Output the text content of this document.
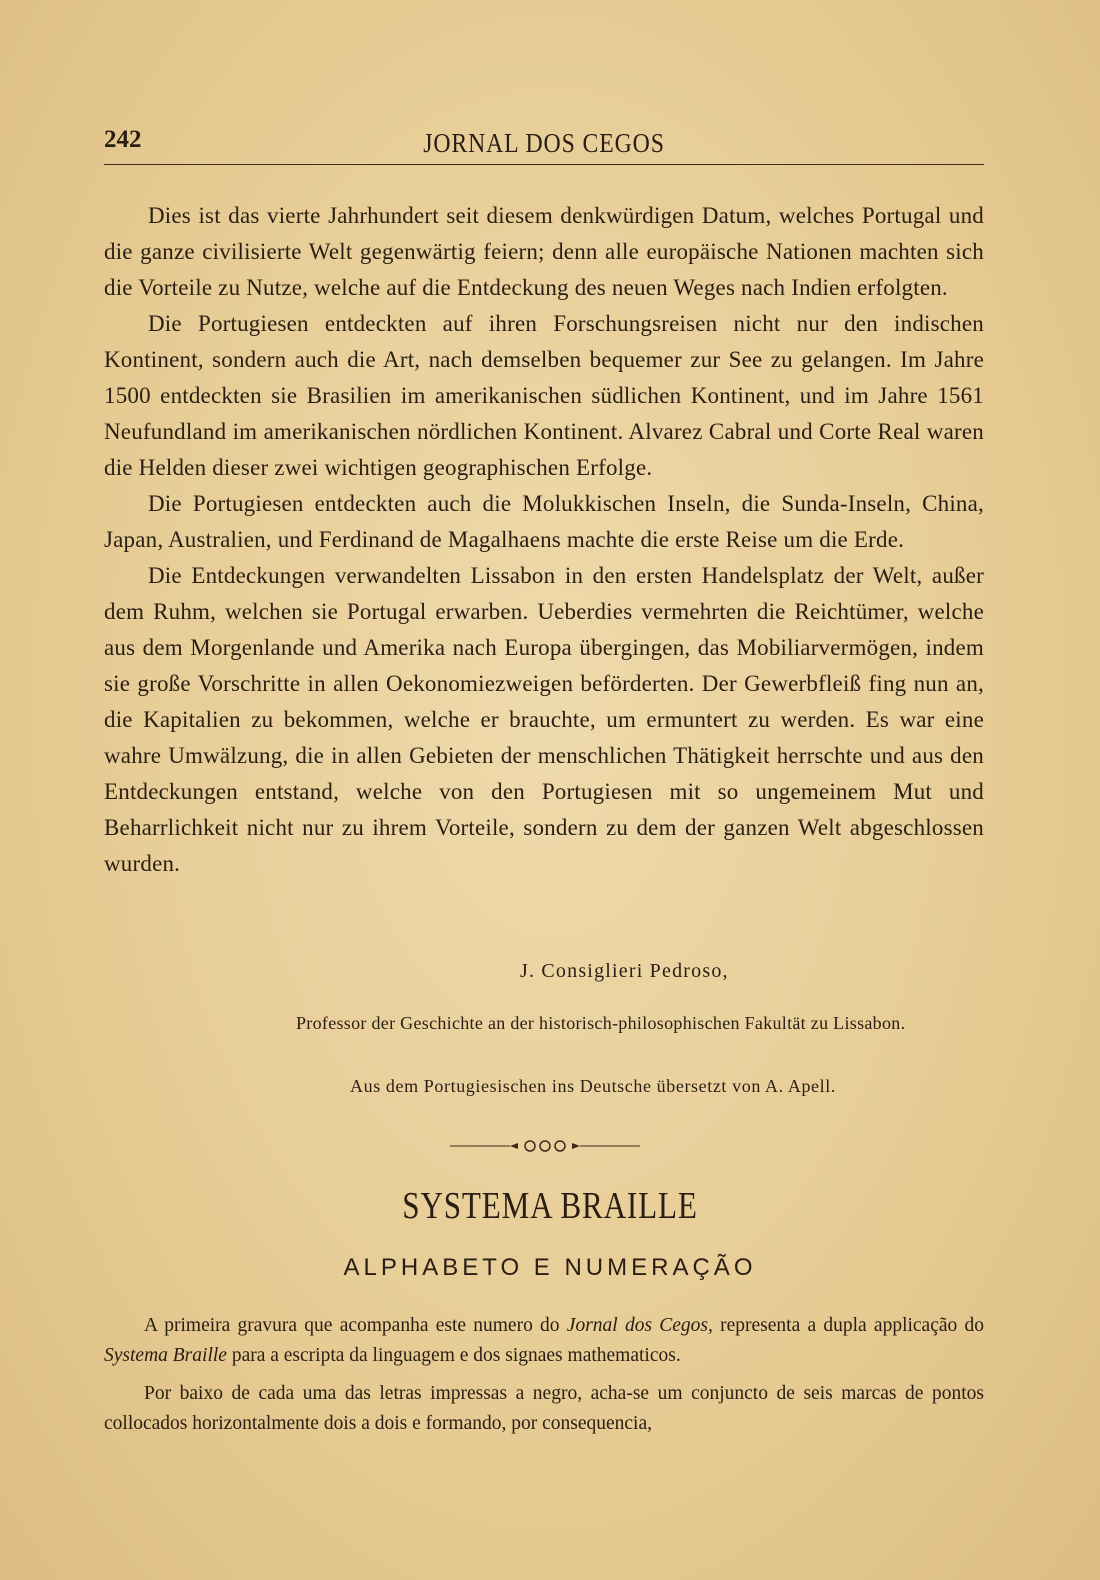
242	JORNAL DOS CEGOS

Dies ist das vierte Jahrhundert seit diesem denkwürdigen Datum, welches Portugal und die ganze civilisierte Welt gegenwärtig feiern; denn alle europäische Nationen machten sich die Vorteile zu Nutze, welche auf die Entdeckung des neuen Weges nach Indien erfolgten.

Die Portugiesen entdeckten auf ihren Forschungsreisen nicht nur den indischen Kontinent, sondern auch die Art, nach demselben bequemer zur See zu gelangen. Im Jahre 1500 entdeckten sie Brasilien im amerikanischen südlichen Kontinent, und im Jahre 1561 Neufundland im amerikanischen nördlichen Kontinent. Alvarez Cabral und Corte Real waren die Helden dieser zwei wichtigen geographischen Erfolge.

Die Portugiesen entdeckten auch die Molukkischen Inseln, die Sunda-Inseln, China, Japan, Australien, und Ferdinand de Magalhaens machte die erste Reise um die Erde.

Die Entdeckungen verwandelten Lissabon in den ersten Handelsplatz der Welt, außer dem Ruhm, welchen sie Portugal erwarben. Ueberdies vermehrten die Reichtümer, welche aus dem Morgenlande und Amerika nach Europa übergingen, das Mobiliarvermögen, indem sie große Vorschritte in allen Oekonomiezweigen beförderten. Der Gewerbfleiß fing nun an, die Kapitalien zu bekommen, welche er brauchte, um ermuntert zu werden. Es war eine wahre Umwälzung, die in allen Gebieten der menschlichen Thätigkeit herrschte und aus den Entdeckungen entstand, welche von den Portugiesen mit so ungemeinem Mut und Beharrlichkeit nicht nur zu ihrem Vorteile, sondern zu dem der ganzen Welt abgeschlossen wurden.

J. Consiglieri Pedroso,
Professor der Geschichte an der historisch-philosophischen Fakultät zu Lissabon.
Aus dem Portugiesischen ins Deutsche übersetzt von A. Apell.
SYSTEMA BRAILLE
ALPHABETO E NUMERAÇÃO

A primeira gravura que acompanha este numero do Jornal dos Cegos, representa a dupla applicação do Systema Braille para a escripta da linguagem e dos signaes mathematicos.

Por baixo de cada uma das letras impressas a negro, acha-se um conjuncto de seis marcas de pontos collocados horizontalmente dois a dois e formando, por consequencia,
